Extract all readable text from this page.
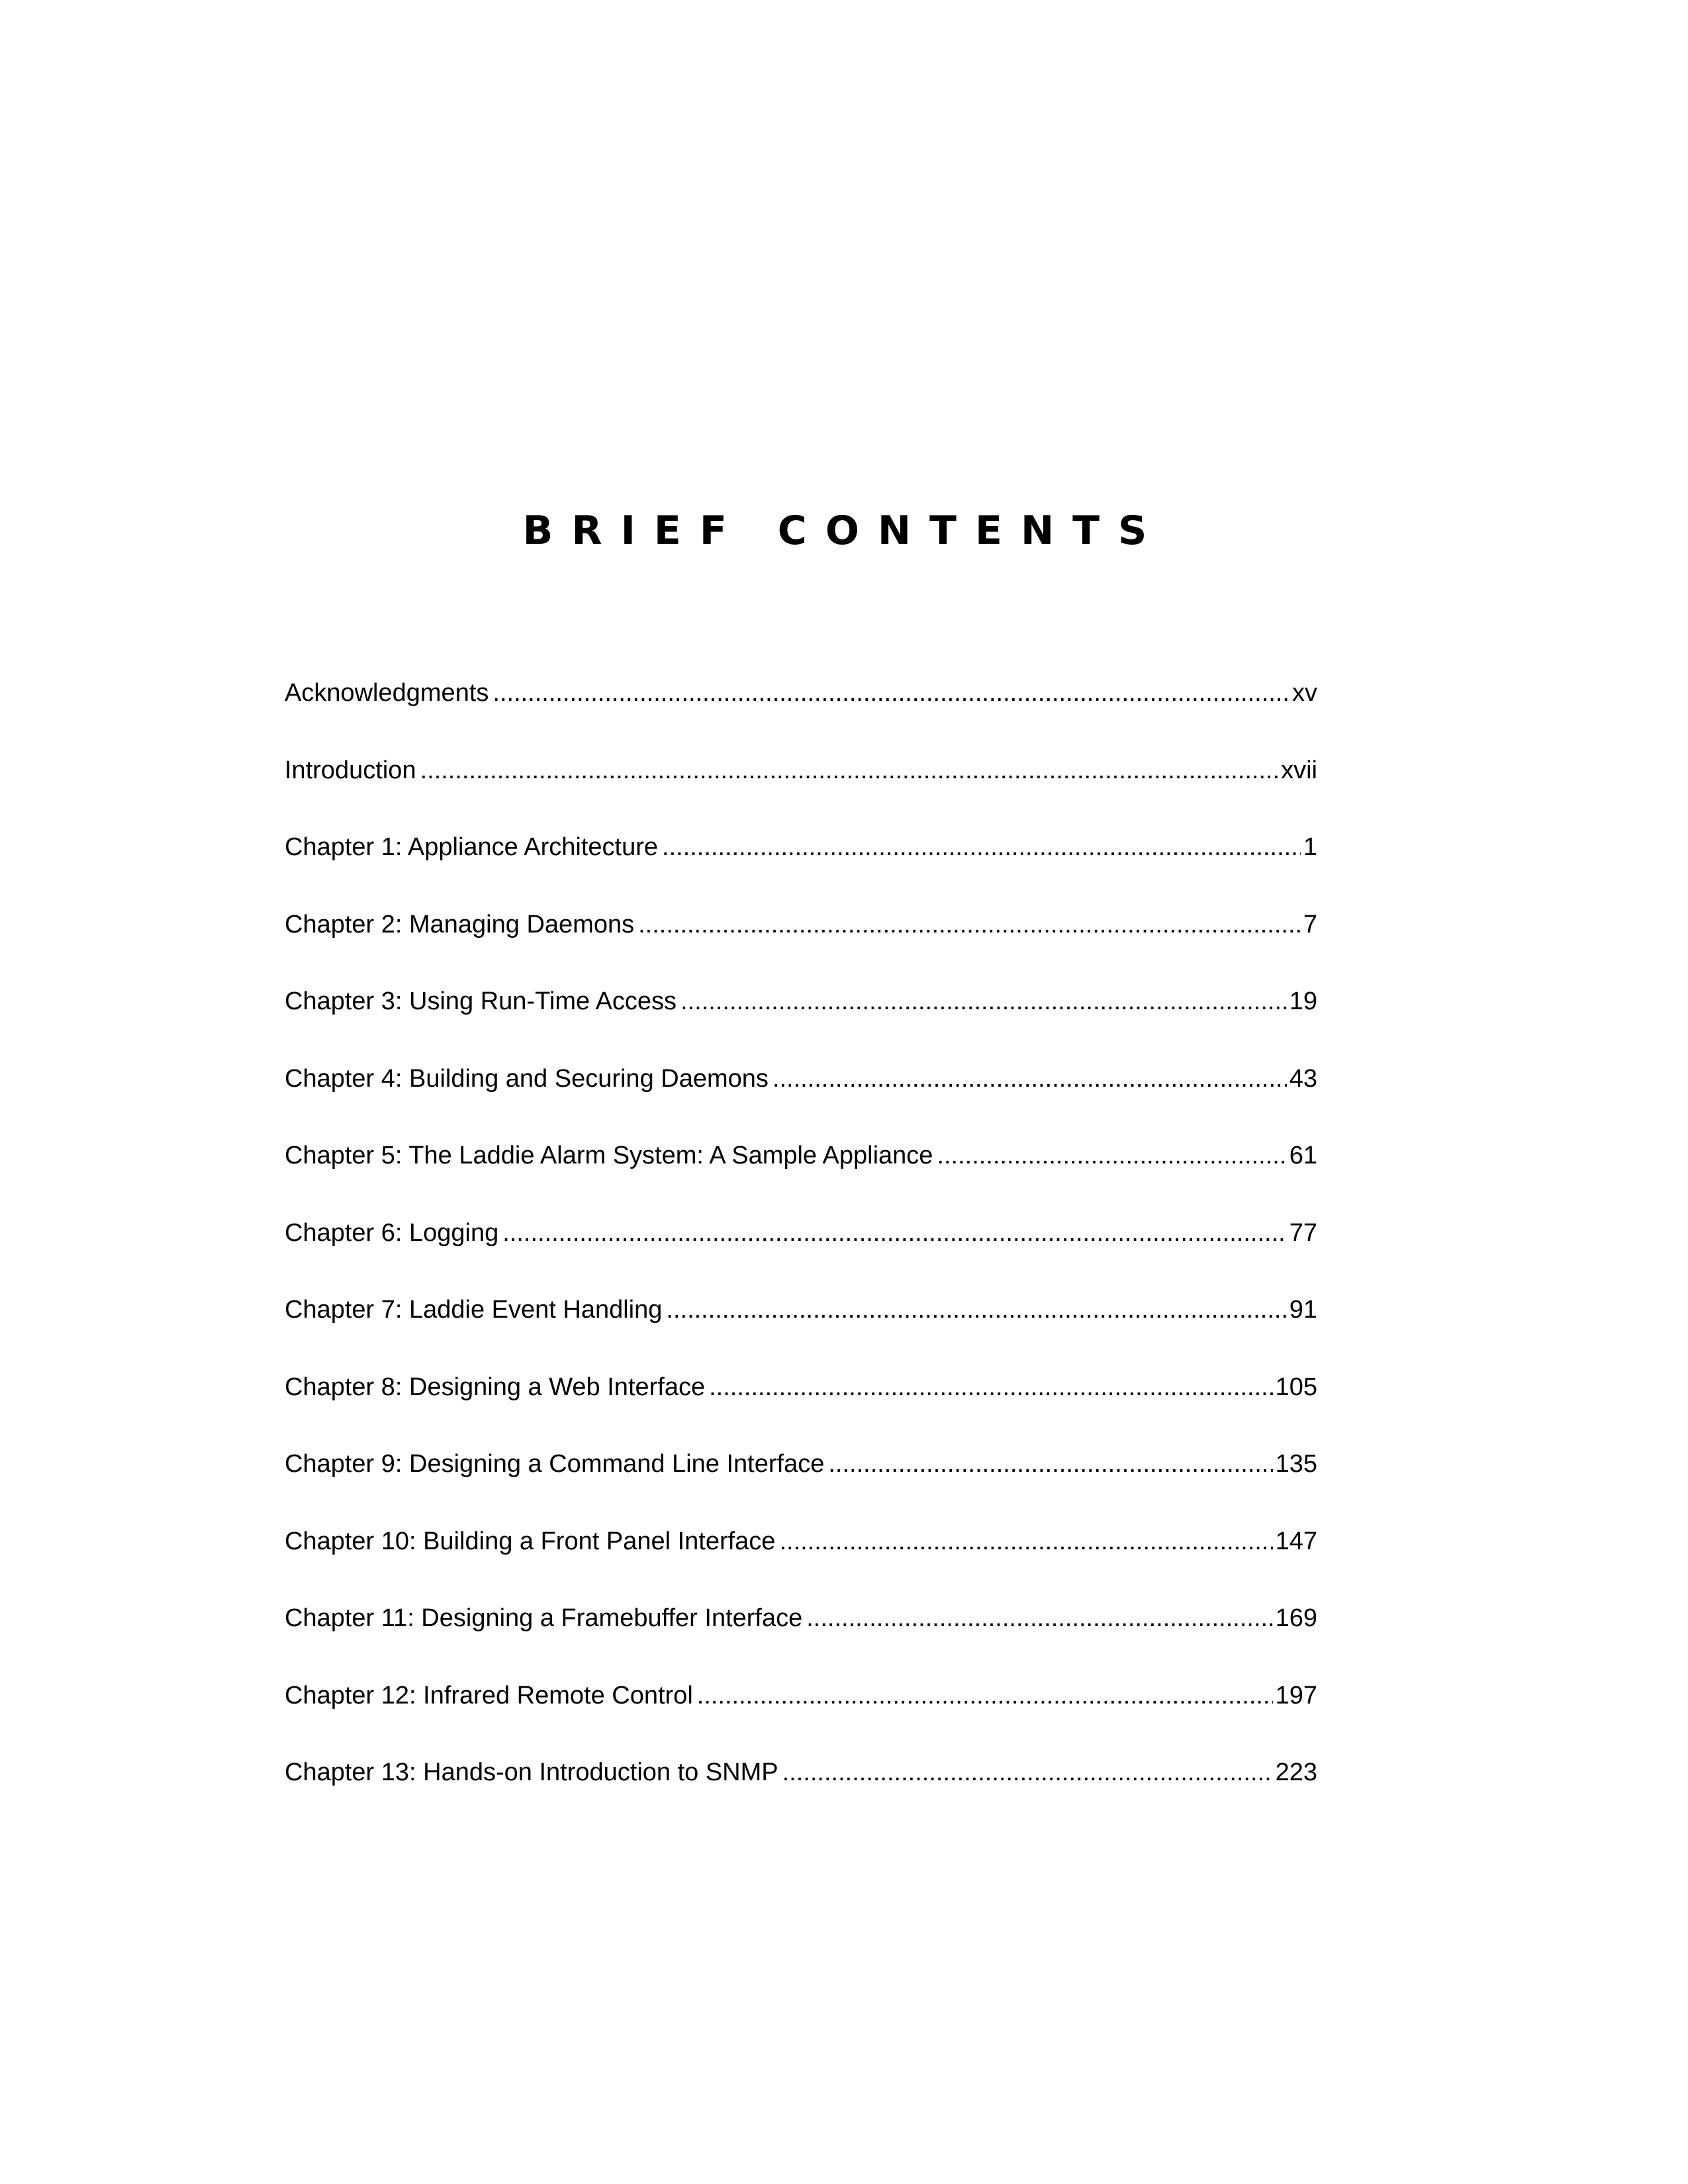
BRIEF CONTENTS
Acknowledgments .....	xv
Introduction .....	xvii
Chapter 1: Appliance Architecture .....	1
Chapter 2: Managing Daemons .....	7
Chapter 3: Using Run-Time Access .....	19
Chapter 4: Building and Securing Daemons .....	43
Chapter 5: The Laddie Alarm System: A Sample Appliance .....	61
Chapter 6: Logging .....	77
Chapter 7: Laddie Event Handling .....	91
Chapter 8: Designing a Web Interface .....	105
Chapter 9: Designing a Command Line Interface .....	135
Chapter 10: Building a Front Panel Interface .....	147
Chapter 11: Designing a Framebuffer Interface .....	169
Chapter 12: Infrared Remote Control .....	197
Chapter 13: Hands-on Introduction to SNMP .....	223
